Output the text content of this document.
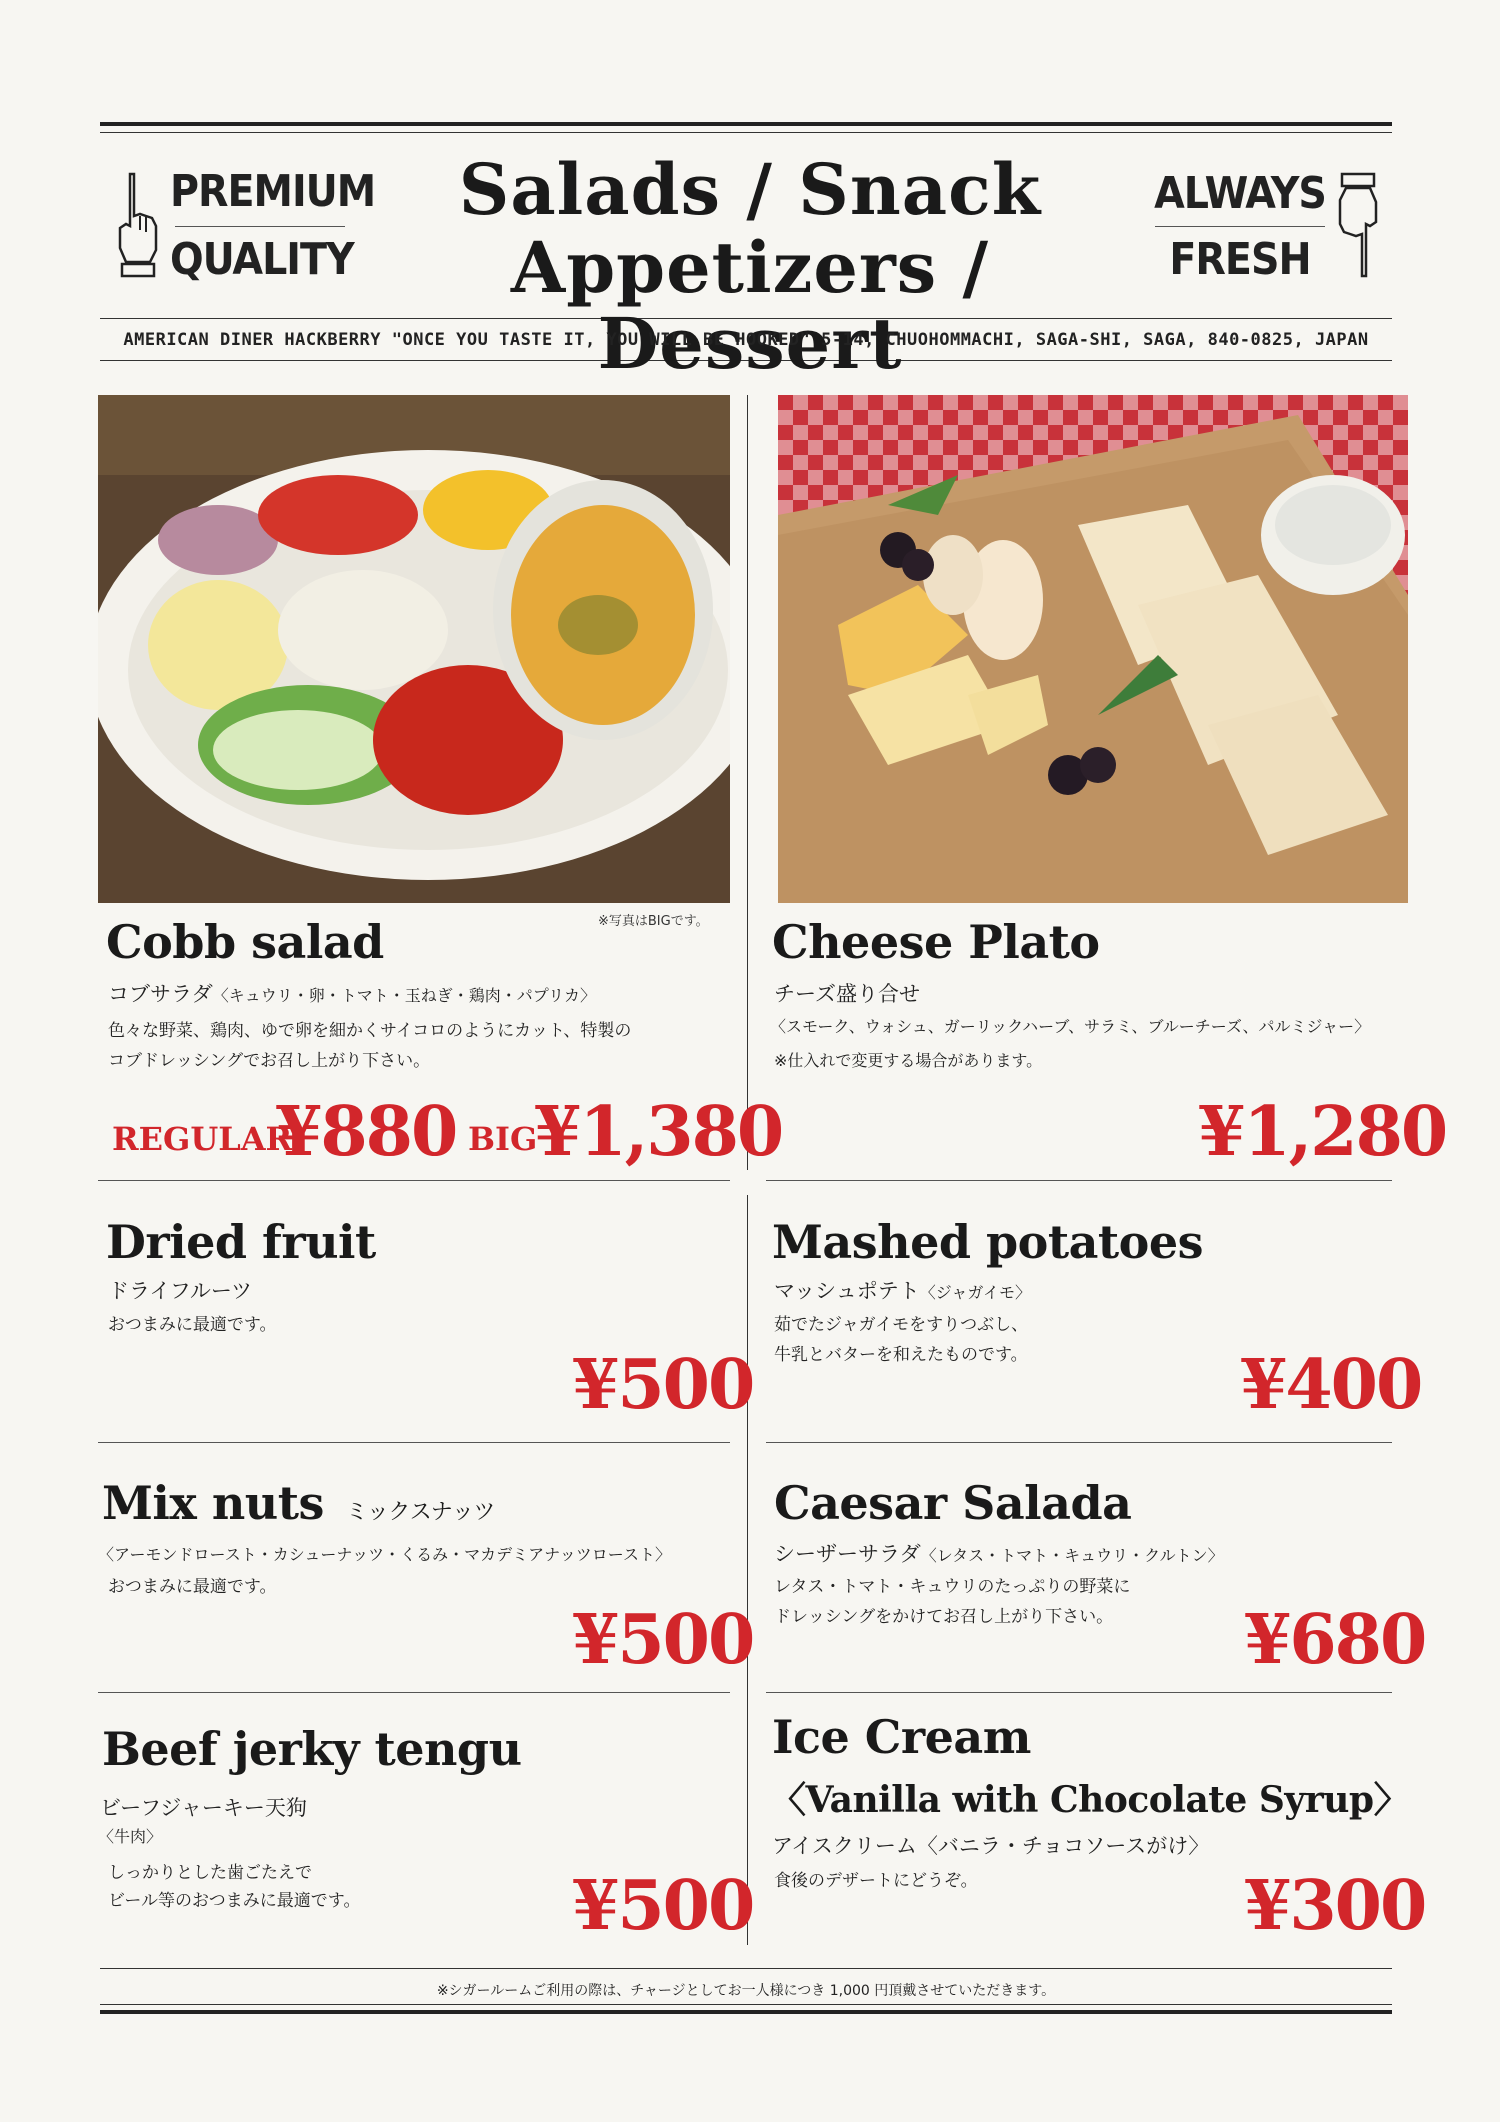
PREMIUM
QUALITY
Salads / Snack
Appetizers / Dessert
ALWAYS
FRESH
AMERICAN DINER HACKBERRY "ONCE YOU TASTE IT, YOU WILL BE HOOKED" 5-14, CHUOHOMMACHI, SAGA-SHI, SAGA, 840-0825, JAPAN
※写真はBIGです。
Cobb salad
コブサラダ〈キュウリ・卵・トマト・玉ねぎ・鶏肉・パプリカ〉
色々な野菜、鶏肉、ゆで卵を細かくサイコロのようにカット、特製の
コブドレッシングでお召し上がり下さい。
REGULAR
¥880 BIG
¥1,380
Cheese Plato
チーズ盛り合せ
〈スモーク、ウォシュ、ガーリックハーブ、サラミ、ブルーチーズ、パルミジャー〉
※仕入れで変更する場合があります。
¥1,280
Dried fruit
ドライフルーツ
おつまみに最適です。
¥500
Mashed potatoes
マッシュポテト〈ジャガイモ〉
茹でたジャガイモをすりつぶし、
牛乳とバターを和えたものです。	¥400
Mix nuts ミックスナッツ
〈アーモンドロースト・カシューナッツ・くるみ・マカデミアナッツロースト〉
おつまみに最適です。
¥500
Caesar Salada
シーザーサラダ〈レタス・トマト・キュウリ・クルトン〉
レタス・トマト・キュウリのたっぷりの野菜に
ドレッシングをかけてお召し上がり下さい。 ¥680
Beef jerky tengu
ビーフジャーキー天狗
〈牛肉〉
しっかりとした歯ごたえで
ビール等のおつまみに最適です。	¥500
Ice Cream
〈Vanilla with Chocolate Syrup〉
アイスクリーム〈バニラ・チョコソースがけ〉
食後のデザートにどうぞ。	¥300
※シガールームご利用の際は、チャージとしてお一人様につき 1,000 円頂戴させていただきます。
